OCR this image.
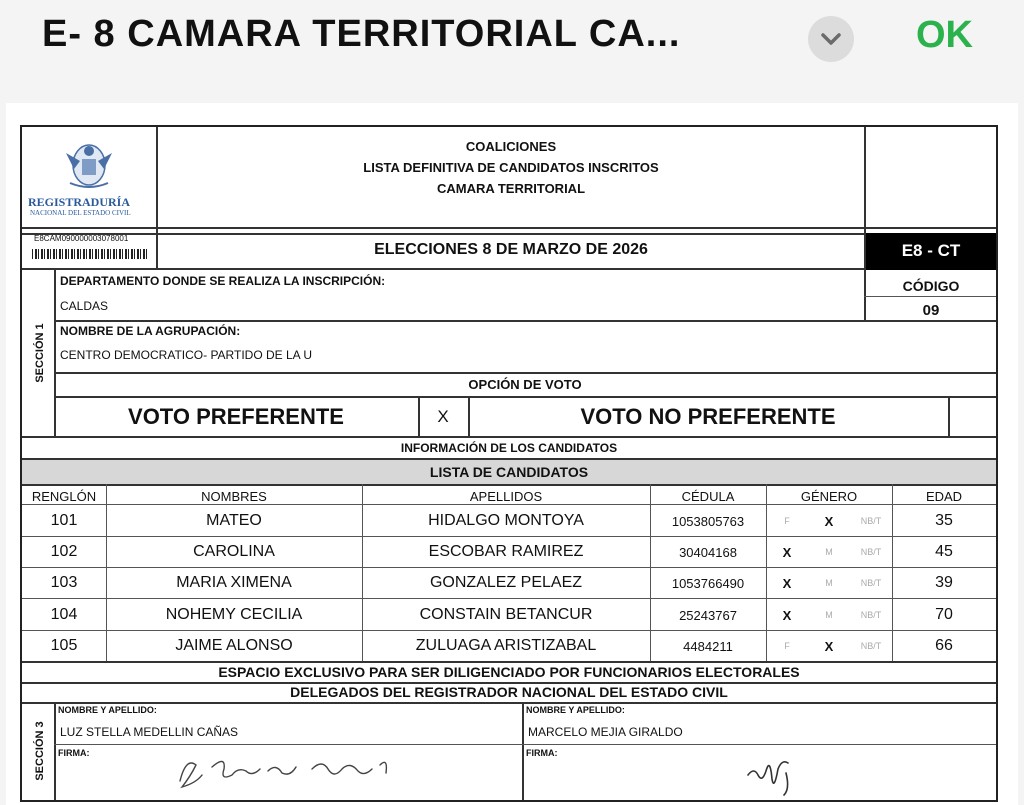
E- 8 CAMARA TERRITORIAL CA...	OK
REGISTRADURÍA
NACIONAL DEL ESTADO CIVIL
COALICIONES
LISTA DEFINITIVA DE CANDIDATOS INSCRITOS
CAMARA TERRITORIAL
E8CAM090000003078001
ELECCIONES 8 DE MARZO DE 2026	E8 - CT
SECCIÓN 1
DEPARTAMENTO DONDE SE REALIZA LA INSCRIPCIÓN:
CALDAS
CÓDIGO
09
NOMBRE DE LA AGRUPACIÓN:
CENTRO DEMOCRATICO- PARTIDO DE LA U
OPCIÓN DE VOTO
VOTO PREFERENTE	X	VOTO NO PREFERENTE
INFORMACIÓN DE LOS CANDIDATOS
LISTA DE CANDIDATOS
RENGLÓN	NOMBRES	APELLIDOS	CÉDULA	GÉNERO	EDAD
101	MATEO	HIDALGO MONTOYA	1053805763	F	X	NB/T	35
102	CAROLINA	ESCOBAR RAMIREZ	30404168	X	M	NB/T	45
103	MARIA XIMENA	GONZALEZ PELAEZ	1053766490	X	M	NB/T	39
104	NOHEMY CECILIA	CONSTAIN BETANCUR	25243767	X	M	NB/T	70
105	JAIME ALONSO	ZULUAGA ARISTIZABAL	4484211	F	X	NB/T	66
ESPACIO EXCLUSIVO PARA SER DILIGENCIADO POR FUNCIONARIOS ELECTORALES
DELEGADOS DEL REGISTRADOR NACIONAL DEL ESTADO CIVIL
SECCIÓN 3
NOMBRE Y APELLIDO:
LUZ STELLA MEDELLIN CAÑAS
NOMBRE Y APELLIDO:
MARCELO MEJIA GIRALDO
FIRMA:	FIRMA:
